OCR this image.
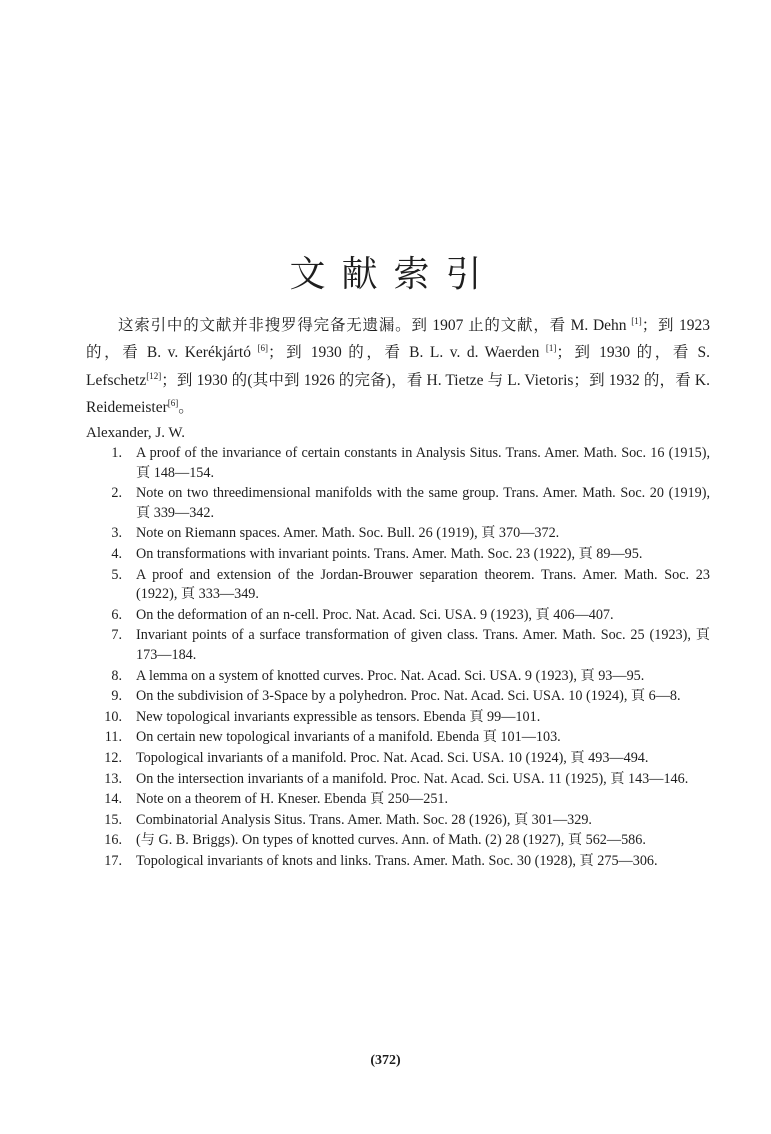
文献索引

这索引中的文献并非搜罗得完备无遗漏。到 1907 止的文献，看 M. Dehn [1]；到 1923 的，看 B. v. Kerékjártó [6]；到 1930 的，看 B. L. v. d. Waerden [1]；到 1930 的，看 S. Lefschetz[12]；到 1930 的(其中到 1926 的完备)，看 H. Tietze 与 L. Vietoris；到 1932 的，看 K. Reidemeister[6]。

Alexander, J. W.
1. A proof of the invariance of certain constants in Analysis Situs. Trans. Amer. Math. Soc. 16 (1915), 頁 148—154.
2. Note on two threedimensional manifolds with the same group. Trans. Amer. Math. Soc. 20 (1919), 頁 339—342.
3. Note on Riemann spaces. Amer. Math. Soc. Bull. 26 (1919), 頁 370—372.
4. On transformations with invariant points. Trans. Amer. Math. Soc. 23 (1922), 頁 89—95.
5. A proof and extension of the Jordan-Brouwer separation theorem. Trans. Amer. Math. Soc. 23 (1922), 頁 333—349.
6. On the deformation of an n-cell. Proc. Nat. Acad. Sci. USA. 9 (1923), 頁 406—407.
7. Invariant points of a surface transformation of given class. Trans. Amer. Math. Soc. 25 (1923), 頁 173—184.
8. A lemma on a system of knotted curves. Proc. Nat. Acad. Sci. USA. 9 (1923), 頁 93—95.
9. On the subdivision of 3-Space by a polyhedron. Proc. Nat. Acad. Sci. USA. 10 (1924), 頁 6—8.
10. New topological invariants expressible as tensors. Ebenda 頁 99—101.
11. On certain new topological invariants of a manifold. Ebenda 頁 101—103.
12. Topological invariants of a manifold. Proc. Nat. Acad. Sci. USA. 10 (1924), 頁 493—494.
13. On the intersection invariants of a manifold. Proc. Nat. Acad. Sci. USA. 11 (1925), 頁 143—146.
14. Note on a theorem of H. Kneser. Ebenda 頁 250—251.
15. Combinatorial Analysis Situs. Trans. Amer. Math. Soc. 28 (1926), 頁 301—329.
16. (与 G. B. Briggs). On types of knotted curves. Ann. of Math. (2) 28 (1927), 頁 562—586.
17. Topological invariants of knots and links. Trans. Amer. Math. Soc. 30 (1928), 頁 275—306.
(372)
